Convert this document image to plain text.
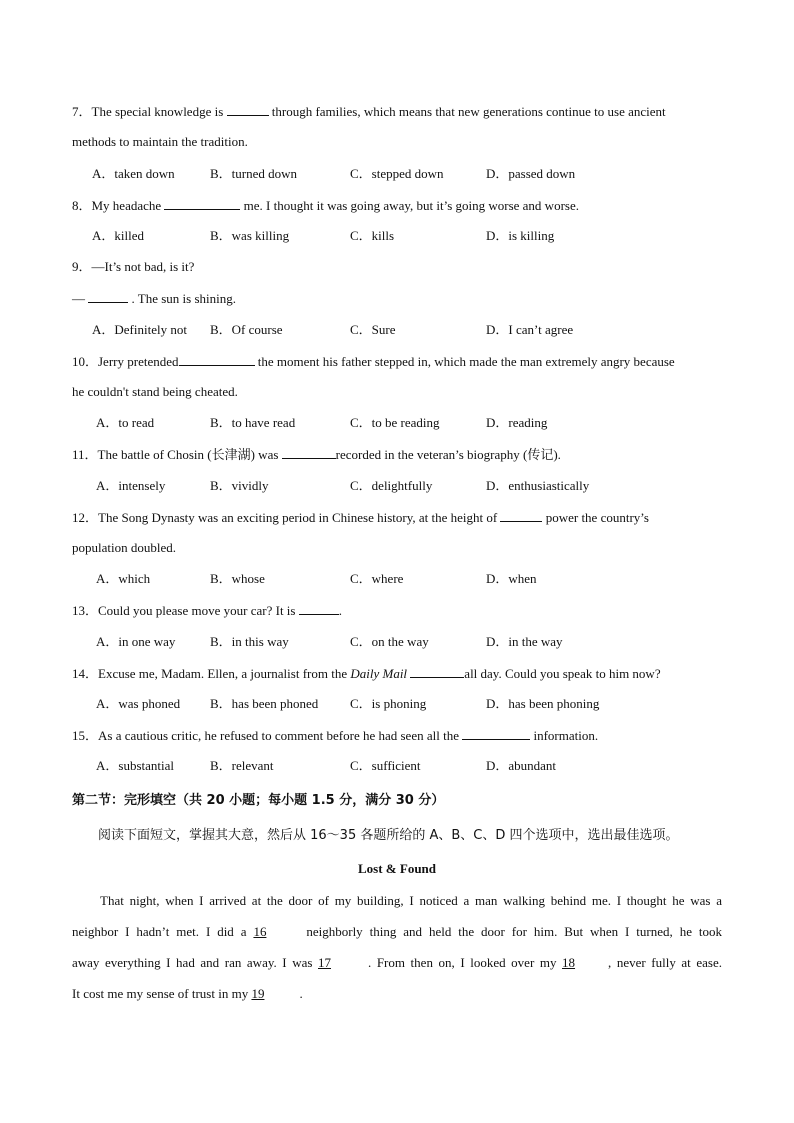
7．The special knowledge is	through families, which means that new generations continue to use ancient
methods to maintain the tradition.
A．taken down	B．turned down	C．stepped down	D．passed down
8．My headache	me. I thought it was going away, but it’s going worse and worse.
A．killed	B．was killing	C．kills	D．is killing
9．—It’s not bad, is it?
—	. The sun is shining.
A．Definitely not B．Of course	C．Sure	D．I can’t agree
10．Jerry pretended	the moment his father stepped in, which made the man extremely angry because
he couldn't stand being cheated.
A．to read	B．to have read	C．to be reading	D．reading
11．The battle of Chosin (长津湖) was	recorded in the veteran’s biography (传记).
A．intensely	B．vividly	C．delightfully	D．enthusiastically
12．The Song Dynasty was an exciting period in Chinese history, at the height of	power the country’s
population doubled.
A．which	B．whose	C．where	D．when
13．Could you please move your car? It is	.
A．in one way	B．in this way	C．on the way	D．in the way
14．Excuse me, Madam. Ellen, a journalist from the Daily Mail	all day. Could you speak to him now?
A．was phoned B．has been phoned C．is phoning	D．has been phoning
15．As a cautious critic, he refused to comment before he had seen all the	information.
A．substantial	B．relevant	C．sufficient	D．abundant
第二节：完形填空（共 20 小题；每小题 1.5 分，满分 30 分）
阅读下面短文，掌握其大意，然后从 16～35 各题所给的 A、B、C、D 四个选项中，选出最佳选项。
Lost & Found
That night, when I arrived at the door of my building, I noticed a man walking behind me. I thought he was a
neighbor I hadn’t met. I did a 16	neighborly thing and held the door for him. But when I turned, he took
away everything I had and ran away. I was 17	. From then on, I looked over my 18	, never fully at ease.
It cost me my sense of trust in my 19	.
